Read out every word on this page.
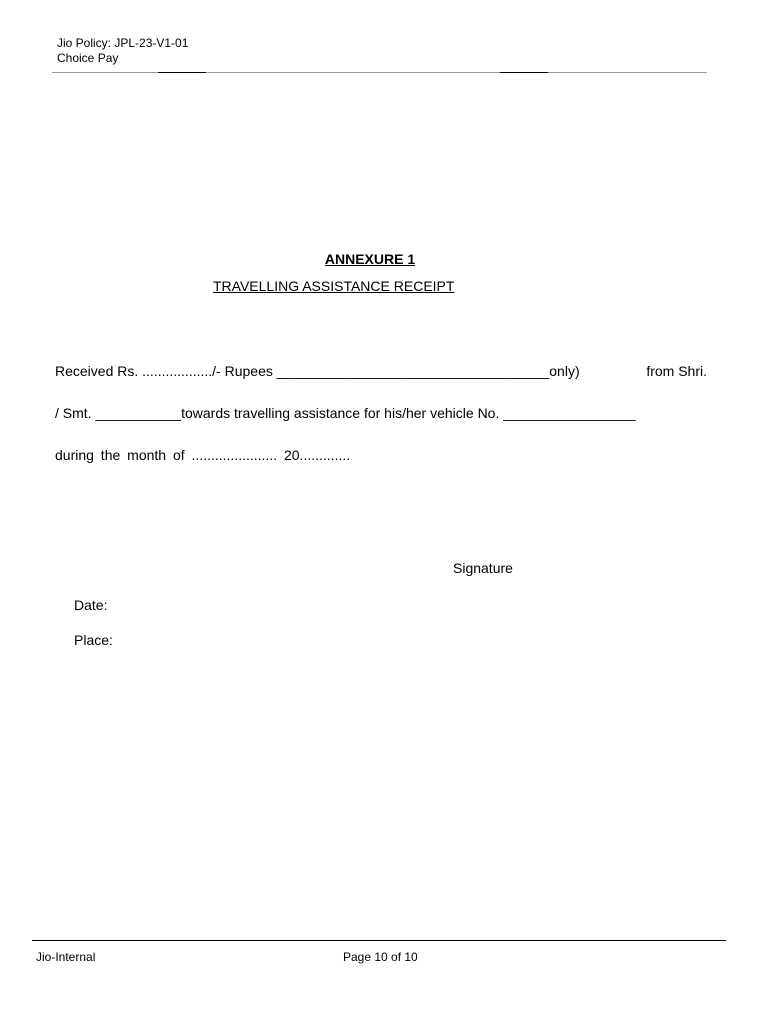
Jio Policy: JPL-23-V1-01
Choice Pay
ANNEXURE 1
TRAVELLING ASSISTANCE RECEIPT
Received Rs. ................../- Rupees ___________________________________only)	from Shri.
/ Smt. ___________towards travelling assistance for his/her vehicle No. _________________
during the month of ...................... 20.............
Signature
Date:
Place:
Jio-Internal	Page 10 of 10
